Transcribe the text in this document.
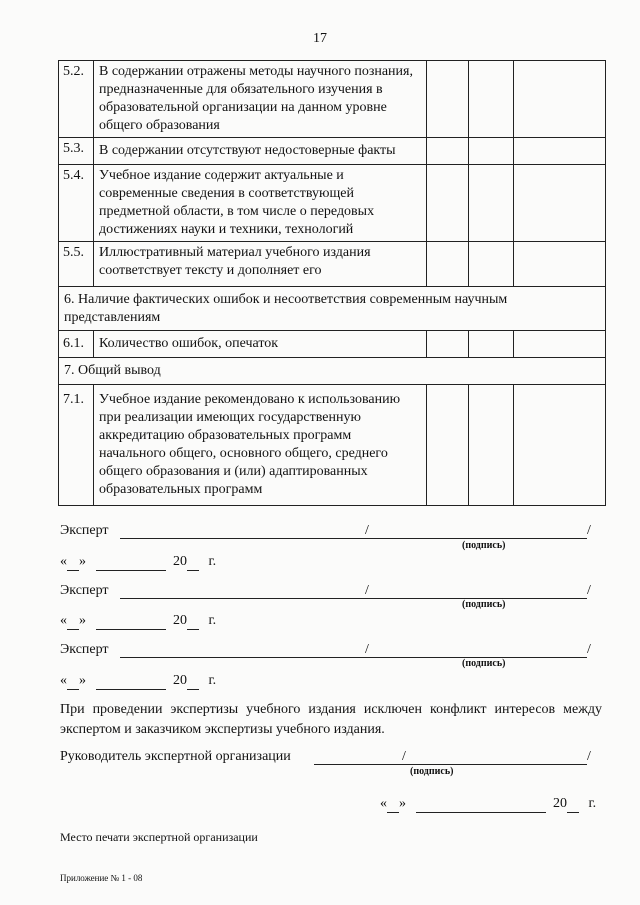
17
5.2.	В содержании отражены методы научного познания, предназначенные для обязательного изучения в образовательной организации на данном уровне общего образования			
5.3.	В содержании отсутствуют недостоверные факты			
5.4.	Учебное издание содержит актуальные и современные сведения в соответствующей предметной области, в том числе о передовых достижениях науки и техники, технологий			
5.5.	Иллюстративный материал учебного издания соответствует тексту и дополняет его			
6. Наличие фактических ошибок и несоответствия современным научным представлениям				
6.1.	Количество ошибок, опечаток			
7. Общий вывод				
7.1.	Учебное издание рекомендовано к использованию при реализации имеющих государственную аккредитацию образовательных программ начального общего, основного общего, среднего общего образования и (или) адаптированных образовательных программ			
Эксперт	/	/
(подпись)
« »	20 г.
Эксперт	/	/
(подпись)
« »	20 г.
Эксперт	/	/
(подпись)
« »	20 г.
При проведении экспертизы учебного издания исключен конфликт интересов между экспертом и заказчиком экспертизы учебного издания.
Руководитель экспертной организации	/	/
(подпись)
« »	20 г.
Место печати экспертной организации
Приложение № 1 - 08
